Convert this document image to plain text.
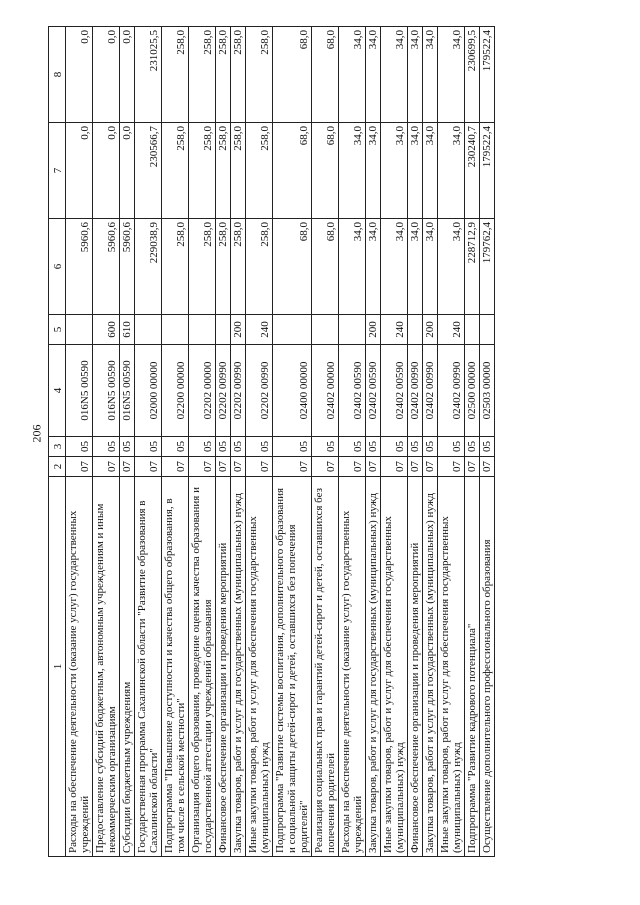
206
1	2	3	4	5	6	7	8
Расходы на обеспечение деятельности (оказание услуг) государственных учреждений	07	05	016N5 00590		5960,6	0,0	0,0
Предоставление субсидий бюджетным, автономным учреждениям и иным некоммерческим организациям	07	05	016N5 00590	600	5960,6	0,0	0,0
Субсидии бюджетным учреждениям	07	05	016N5 00590	610	5960,6	0,0	0,0
Государственная программа Сахалинской области "Развитие образования в Сахалинской области"	07	05	02000 00000		229038,9	230566,7	231025,5
Подпрограмма "Повышение доступности и качества общего образования, в том числе в сельской местности"	07	05	02200 00000		258,0	258,0	258,0
Организация общего образования, проведение оценки качества образования и государственной аттестации учреждений образования	07	05	02202 00000		258,0	258,0	258,0
Финансовое обеспечение организации и проведения мероприятий	07	05	02202 00990		258,0	258,0	258,0
Закупка товаров, работ и услуг для государственных (муниципальных) нужд	07	05	02202 00990	200	258,0	258,0	258,0
Иные закупки товаров, работ и услуг для обеспечения государственных (муниципальных) нужд	07	05	02202 00990	240	258,0	258,0	258,0
Подпрограмма "Развитие системы воспитания, дополнительного образования и социальной защиты детей-сирот и детей, оставшихся без попечения родителей"	07	05	02400 00000		68,0	68,0	68,0
Реализация социальных прав и гарантий детей-сирот и детей, оставшихся без попечения родителей	07	05	02402 00000		68,0	68,0	68,0
Расходы на обеспечение деятельности (оказание услуг) государственных учреждений	07	05	02402 00590		34,0	34,0	34,0
Закупка товаров, работ и услуг для государственных (муниципальных) нужд	07	05	02402 00590	200	34,0	34,0	34,0
Иные закупки товаров, работ и услуг для обеспечения государственных (муниципальных) нужд	07	05	02402 00590	240	34,0	34,0	34,0
Финансовое обеспечение организации и проведения мероприятий	07	05	02402 00990		34,0	34,0	34,0
Закупка товаров, работ и услуг для государственных (муниципальных) нужд	07	05	02402 00990	200	34,0	34,0	34,0
Иные закупки товаров, работ и услуг для обеспечения государственных (муниципальных) нужд	07	05	02402 00990	240	34,0	34,0	34,0
Подпрограмма "Развитие кадрового потенциала"	07	05	02500 00000		228712,9	230240,7	230699,5
Осуществление дополнительного профессионального образования	07	05	02503 00000		179762,4	179522,4	179522,4
